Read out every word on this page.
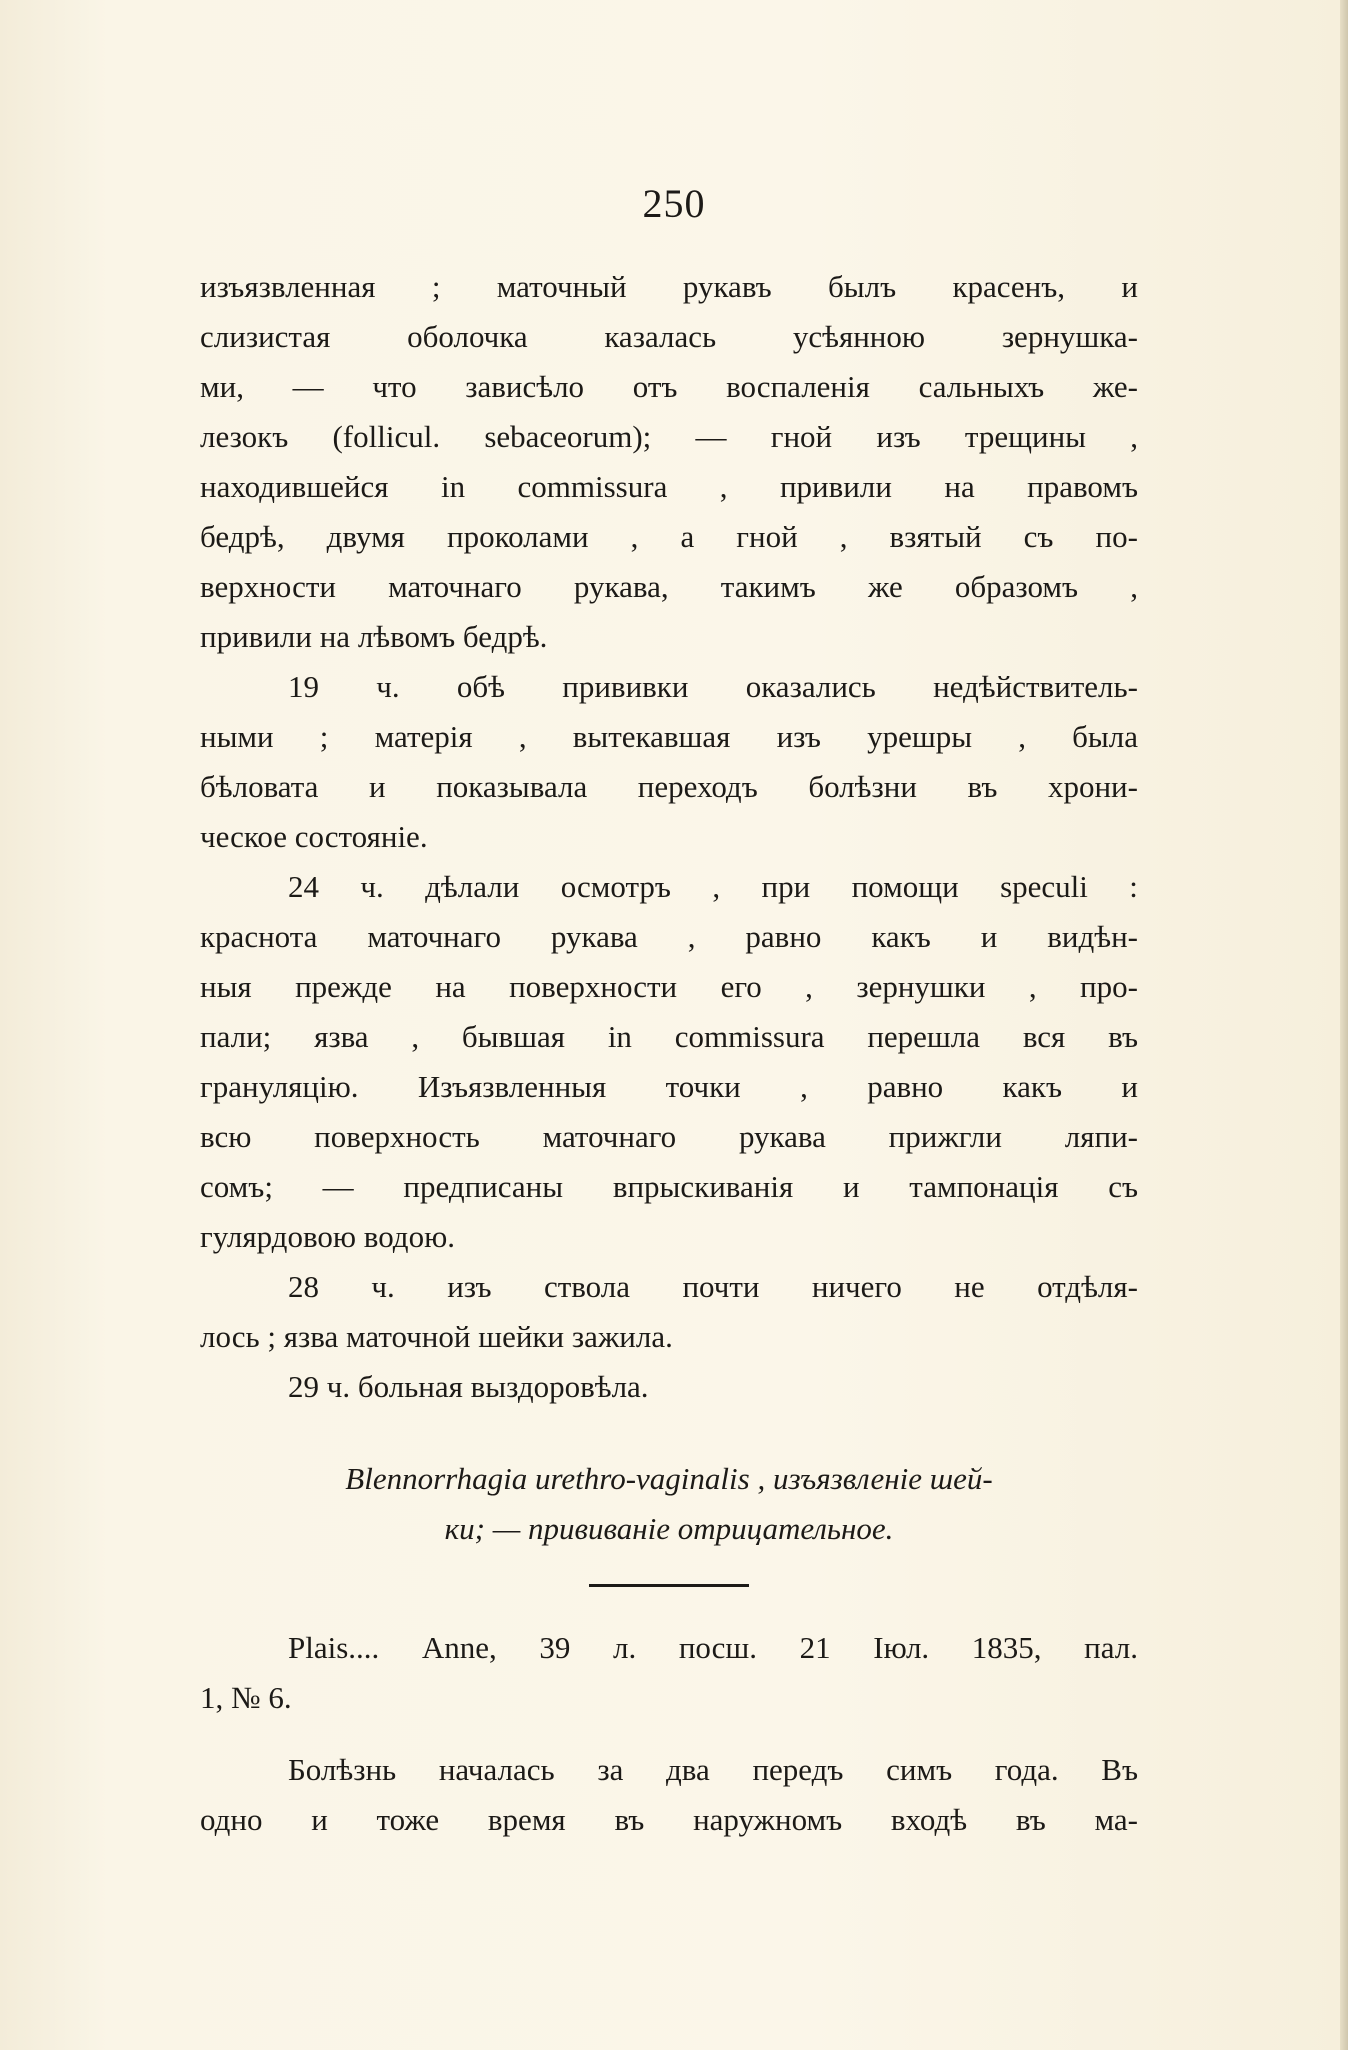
250
изъязвленная ; маточный рукавъ былъ красенъ, и
слизистая оболочка казалась усѣянною зернушка-
ми, — что зависѣло отъ воспаленія сальныхъ же-
лезокъ (follicul. sebaceorum); — гной изъ трещины ,
находившейся in commissura , привили на правомъ
бедрѣ, двумя проколами , а гной , взятый съ по-
верхности маточнаго рукава, такимъ же образомъ ,
привили на лѣвомъ бедрѣ.
19 ч. обѣ прививки оказались недѣйствитель-
ными ; матерія , вытекавшая изъ урешры , была
бѣловата и показывала переходъ болѣзни въ хрони-
ческое состояніе.
24 ч. дѣлали осмотръ , при помощи speculi :
краснота маточнаго рукава , равно какъ и видѣн-
ныя прежде на поверхности его , зернушки , про-
пали; язва , бывшая in commissura перешла вся въ
грануляцію. Изъязвленныя точки , равно какъ и
всю поверхность маточнаго рукава прижгли ляпи-
сомъ; — предписаны впрыскиванія и тампонація съ
гулярдовою водою.
28 ч. изъ ствола почти ничего не отдѣля-
лось ; язва маточной шейки зажила.
29 ч. больная выздоровѣла.
Blennorrhagia urethro-vaginalis , изъязвленіе шей-
ки; — прививаніе отрицательное.
Plais.... Anne, 39 л. посш. 21 Іюл. 1835, пал.
1, № 6.
Болѣзнь началась за два передъ симъ года. Въ
одно и тоже время въ наружномъ входѣ въ ма-
